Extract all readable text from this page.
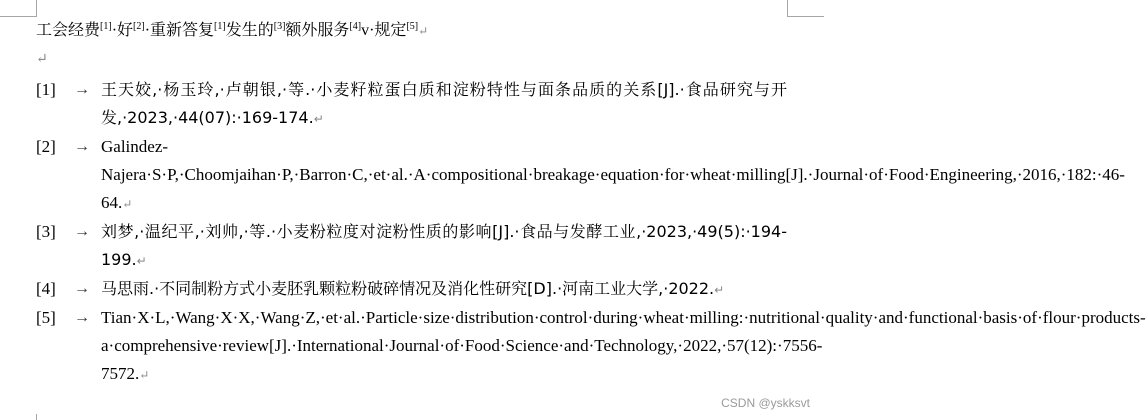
工会经费[1]·好[2]·重新答复[1]发生的[3]额外服务[4]v·规定[5]↵
↵
[1] → 王天姣,·杨玉玲,·卢朝银,·等.·小麦籽粒蛋白质和淀粉特性与面条品质的关系[J].·食品研究与开发,·2023,·44(07):·169-174.↵
[2] → Galindez-Najera·S·P,·Choomjaihan·P,·Barron·C,·et·al.·A·compositional·breakage·equation·for·wheat·milling[J].·Journal·of·Food·Engineering,·2016,·182:·46-64.↵
[3] → 刘梦,·温纪平,·刘帅,·等.·小麦粉粒度对淀粉性质的影响[J].·食品与发酵工业,·2023,·49(5):·194-199.↵
[4] → 马思雨.·不同制粉方式小麦胚乳颗粒粉破碎情况及消化性研究[D].·河南工业大学,·2022.↵
[5] → Tian·X·L,·Wang·X·X,·Wang·Z,·et·al.·Particle·size·distribution·control·during·wheat·milling:·nutritional·quality·and·functional·basis·of·flour·products-a·comprehensive·review[J].·International·Journal·of·Food·Science·and·Technology,·2022,·57(12):·7556-7572.↵
CSDN @yskksvt
